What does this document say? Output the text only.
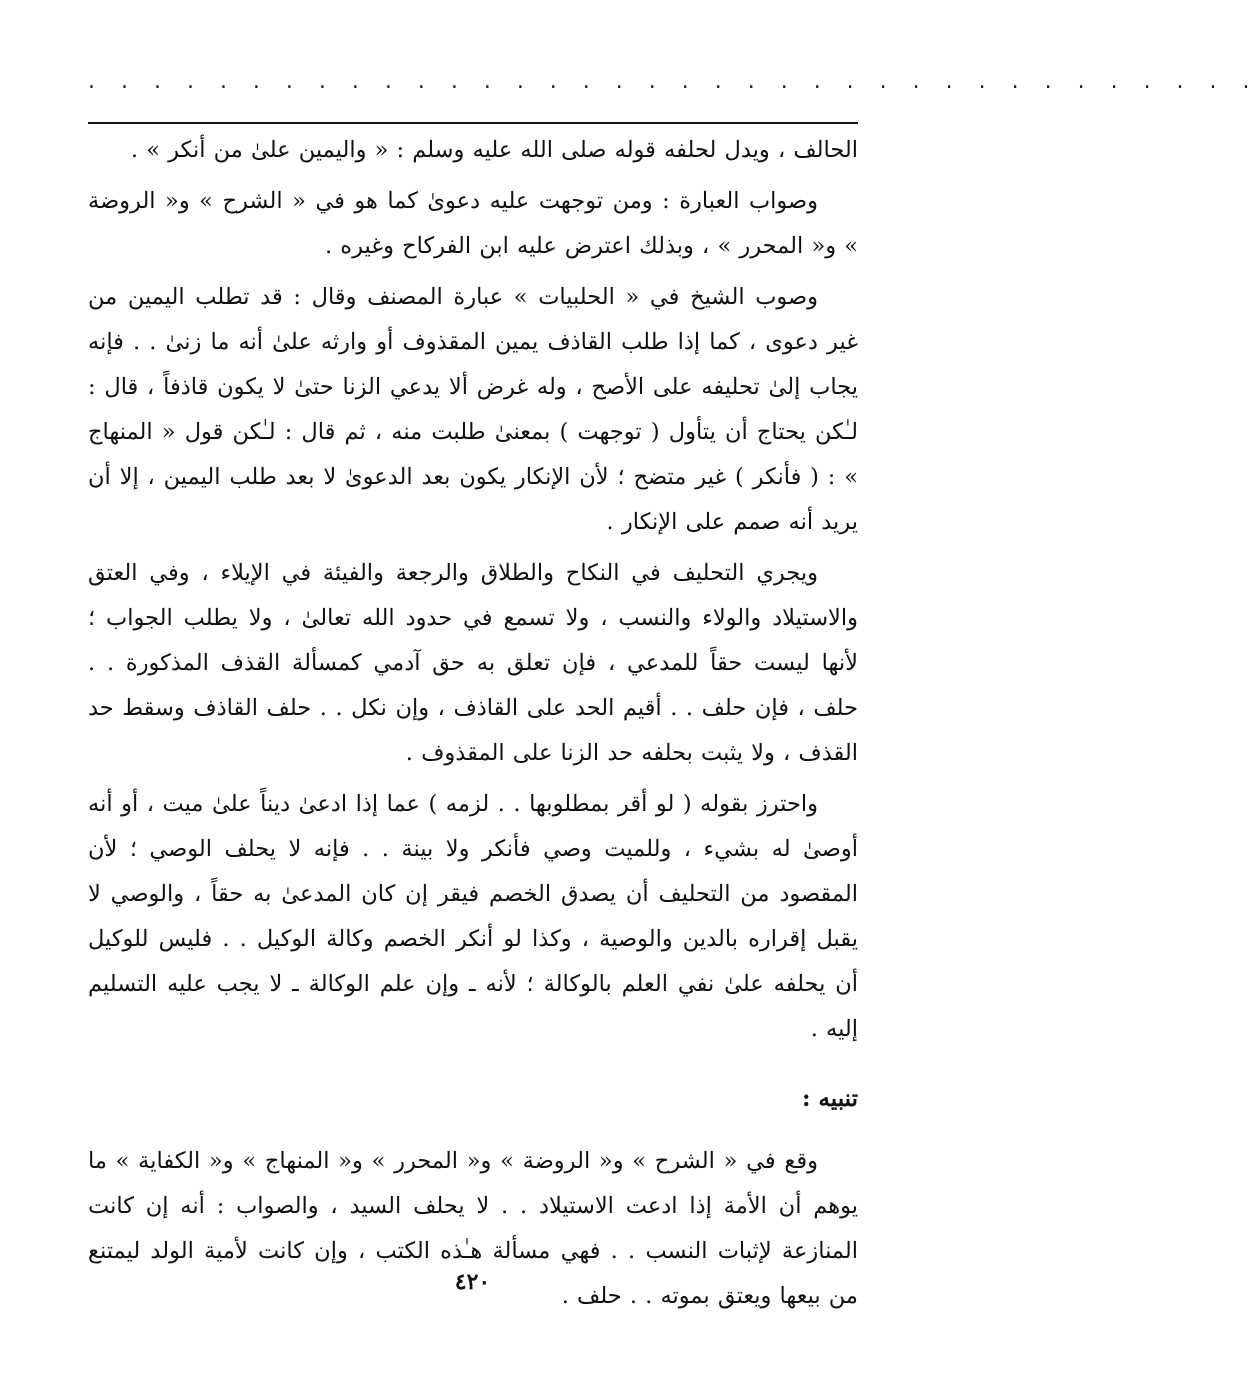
. . . . . . . . . . . . . . . . . . . . . . . . . . . . . . . . . . . .

الحالف ، ويدل لحلفه قوله صلى الله عليه وسلم : « واليمين علىٰ من أنكر » .

وصواب العبارة : ومن توجهت عليه دعوىٰ كما هو في « الشرح » و« الروضة » و« المحرر » ، وبذلك اعترض عليه ابن الفركاح وغيره .

وصوب الشيخ في « الحلبيات » عبارة المصنف وقال : قد تطلب اليمين من غير دعوى ، كما إذا طلب القاذف يمين المقذوف أو وارثه علىٰ أنه ما زنىٰ . . فإنه يجاب إلىٰ تحليفه على الأصح ، وله غرض ألا يدعي الزنا حتىٰ لا يكون قاذفاً ، قال : لـٰكن يحتاج أن يتأول ( توجهت ) بمعنىٰ طلبت منه ، ثم قال : لـٰكن قول « المنهاج » : ( فأنكر ) غير متضح ؛ لأن الإنكار يكون بعد الدعوىٰ لا بعد طلب اليمين ، إلا أن يريد أنه صمم على الإنكار .

ويجري التحليف في النكاح والطلاق والرجعة والفيئة في الإيلاء ، وفي العتق والاستيلاد والولاء والنسب ، ولا تسمع في حدود الله تعالىٰ ، ولا يطلب الجواب ؛ لأنها ليست حقاً للمدعي ، فإن تعلق به حق آدمي كمسألة القذف المذكورة . . حلف ، فإن حلف . . أقيم الحد على القاذف ، وإن نكل . . حلف القاذف وسقط حد القذف ، ولا يثبت بحلفه حد الزنا على المقذوف .

واحترز بقوله ( لو أقر بمطلوبها . . لزمه ) عما إذا ادعىٰ ديناً علىٰ ميت ، أو أنه أوصىٰ له بشيء ، وللميت وصي فأنكر ولا بينة . . فإنه لا يحلف الوصي ؛ لأن المقصود من التحليف أن يصدق الخصم فيقر إن كان المدعىٰ به حقاً ، والوصي لا يقبل إقراره بالدين والوصية ، وكذا لو أنكر الخصم وكالة الوكيل . . فليس للوكيل أن يحلفه علىٰ نفي العلم بالوكالة ؛ لأنه ـ وإن علم الوكالة ـ لا يجب عليه التسليم إليه .

تنبيه :

وقع في « الشرح » و« الروضة » و« المحرر » و« المنهاج » و« الكفاية » ما يوهم أن الأمة إذا ادعت الاستيلاد . . لا يحلف السيد ، والصواب : أنه إن كانت المنازعة لإثبات النسب . . فهي مسألة هـٰذه الكتب ، وإن كانت لأمية الولد ليمتنع من بيعها ويعتق بموته . . حلف .

٤٢٠
